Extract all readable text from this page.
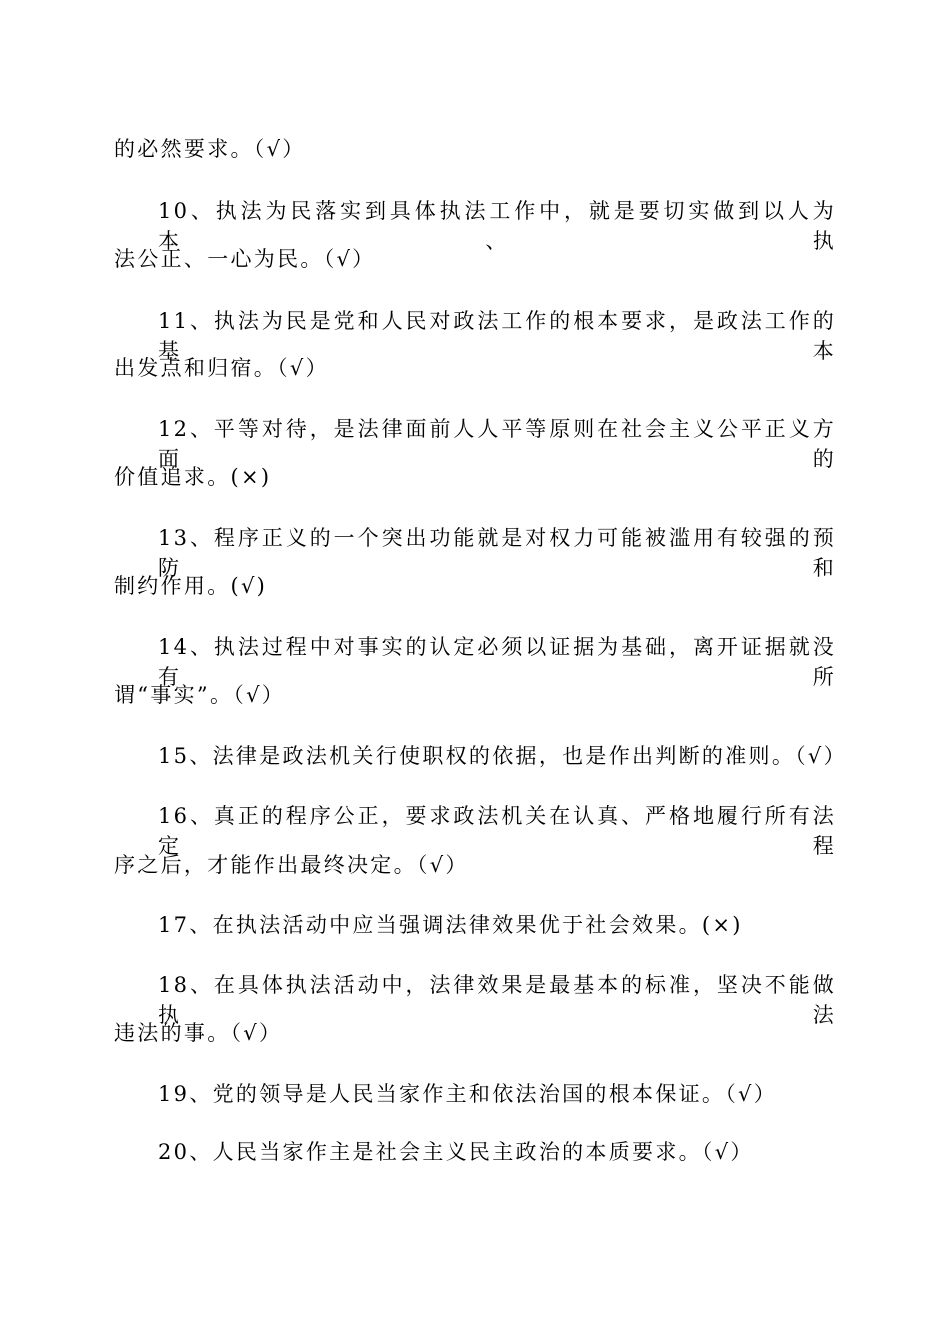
的必然要求。（√）
10、执法为民落实到具体执法工作中，就是要切实做到以人为本、执
法公正、一心为民。（√）
11、执法为民是党和人民对政法工作的根本要求，是政法工作的基本
出发点和归宿。（√）
12、平等对待，是法律面前人人平等原则在社会主义公平正义方面的
价值追求。(×)
13、程序正义的一个突出功能就是对权力可能被滥用有较强的预防和
制约作用。(√)
14、执法过程中对事实的认定必须以证据为基础，离开证据就没有所
谓“事实”。（√）
15、法律是政法机关行使职权的依据，也是作出判断的准则。（√）
16、真正的程序公正，要求政法机关在认真、严格地履行所有法定程
序之后，才能作出最终决定。（√）
17、在执法活动中应当强调法律效果优于社会效果。(×)
18、在具体执法活动中，法律效果是最基本的标准，坚决不能做执法
违法的事。（√）
19、党的领导是人民当家作主和依法治国的根本保证。（√）
20、人民当家作主是社会主义民主政治的本质要求。（√）
